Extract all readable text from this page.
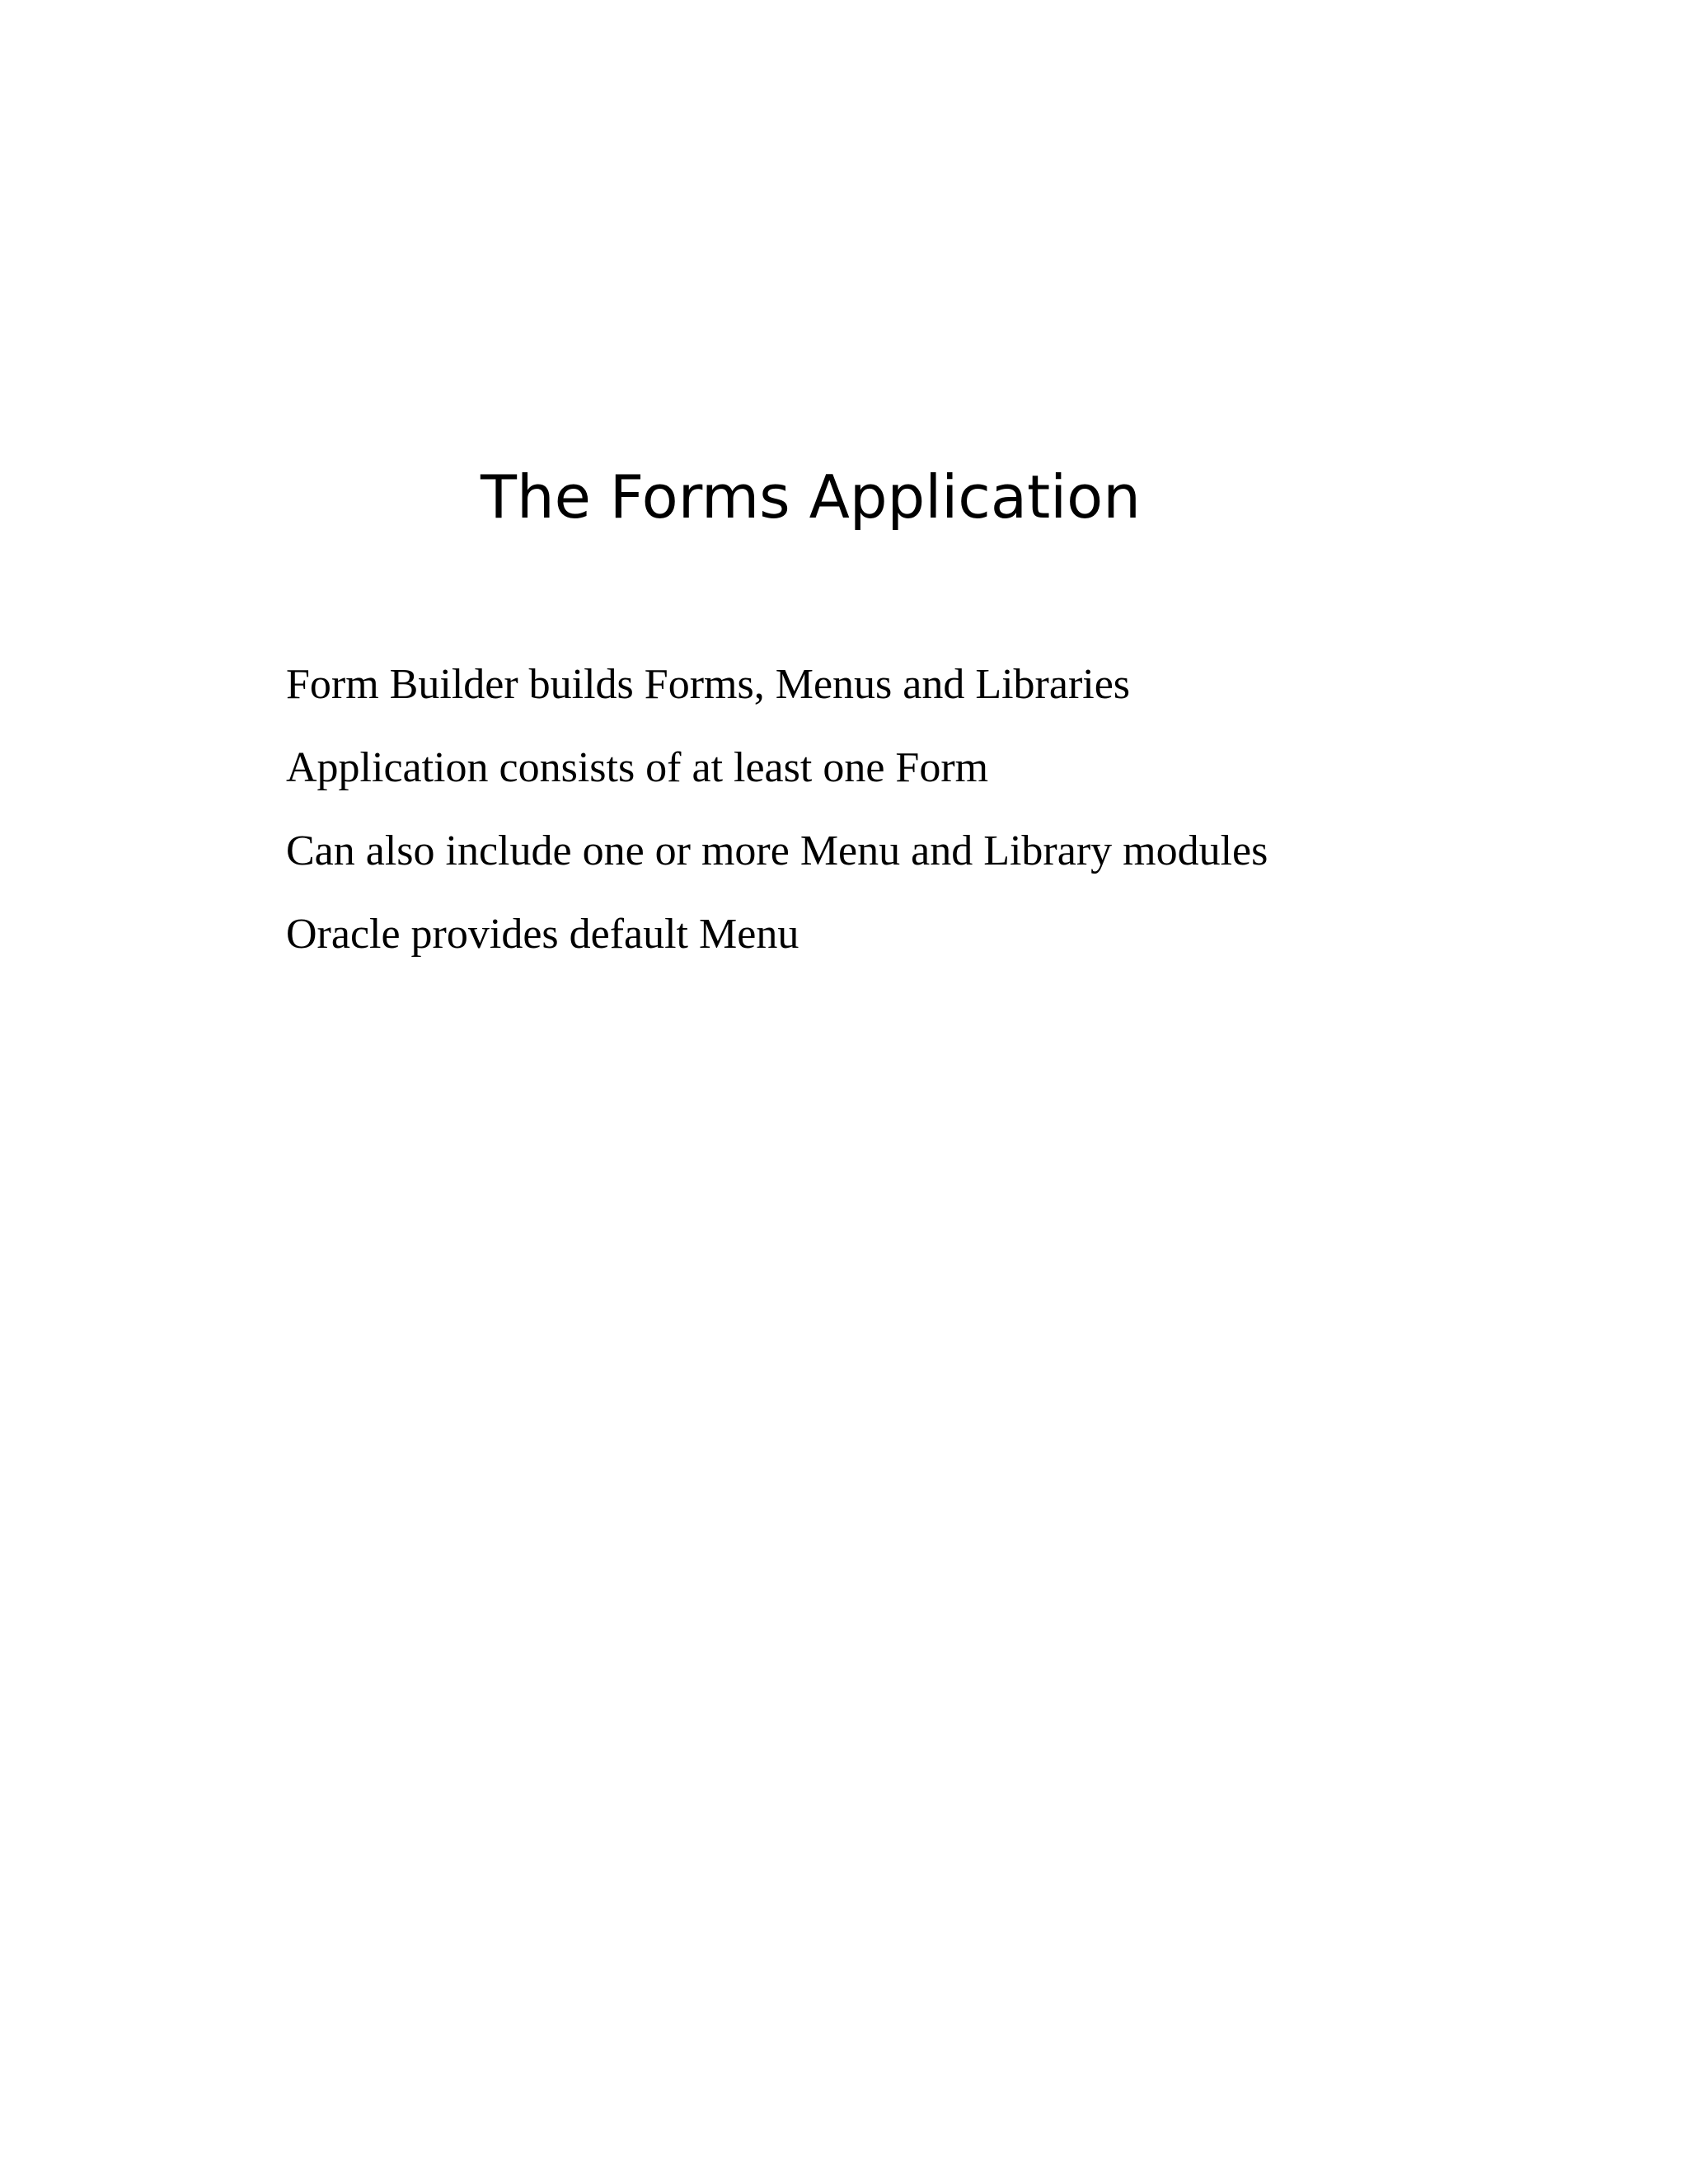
The Forms Application
Form Builder builds Forms, Menus and Libraries
Application consists of at least one Form
Can also include one or more Menu and Library modules
Oracle provides default Menu
